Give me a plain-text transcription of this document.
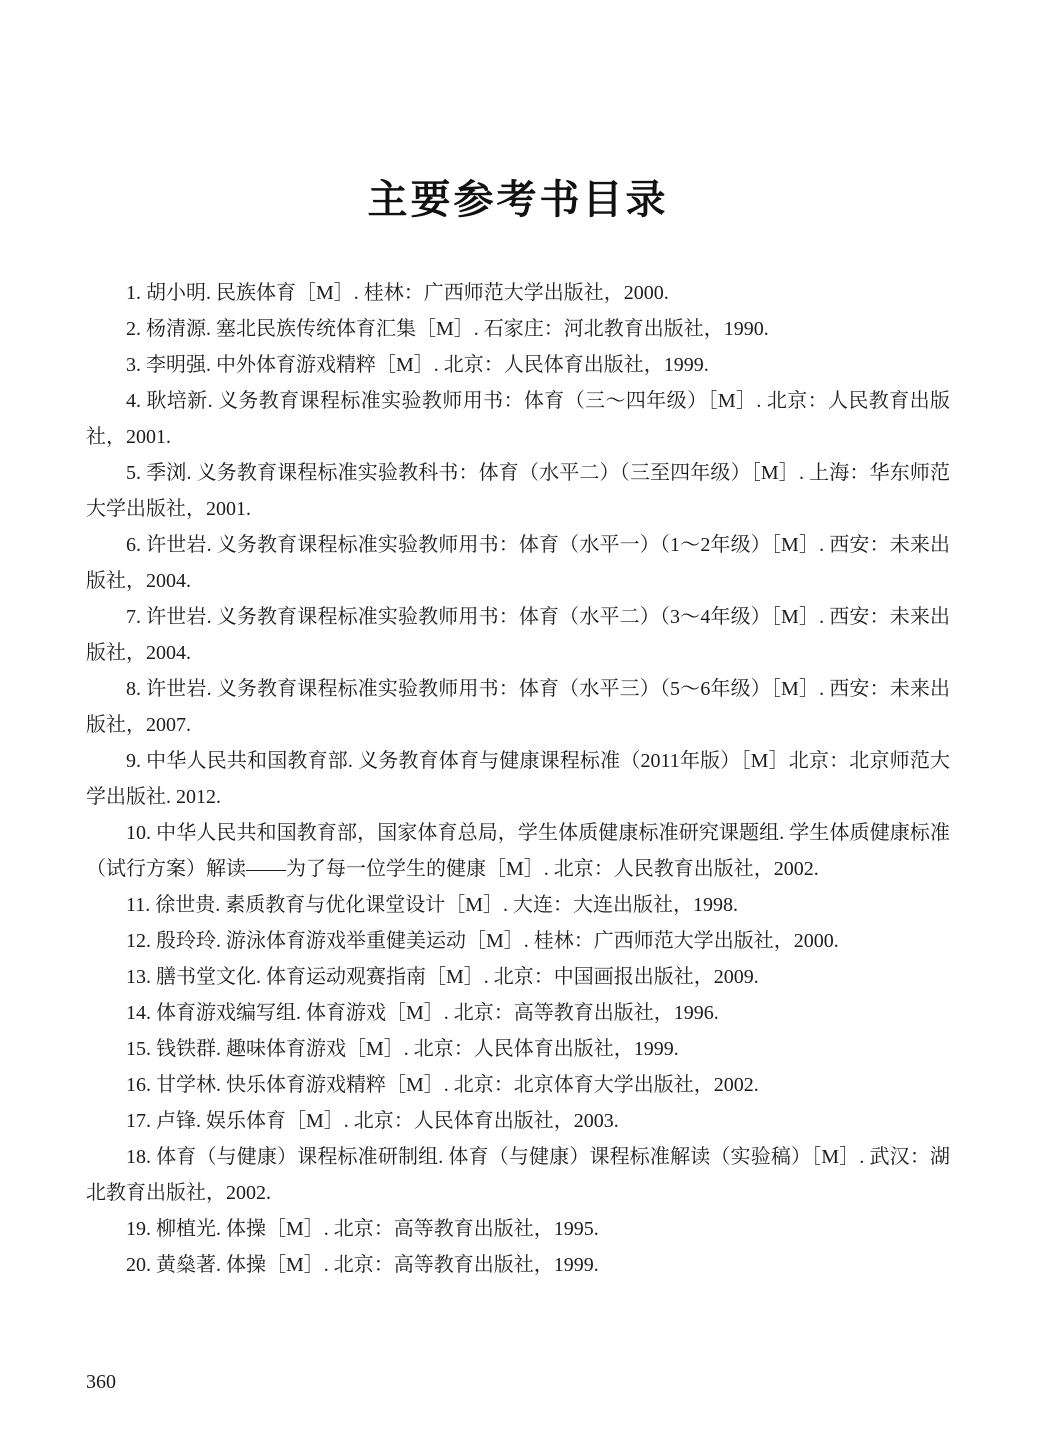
主要参考书目录

1. 胡小明. 民族体育［M］. 桂林：广西师范大学出版社，2000.

2. 杨清源. 塞北民族传统体育汇集［M］. 石家庄：河北教育出版社，1990.

3. 李明强. 中外体育游戏精粹［M］. 北京：人民体育出版社，1999.

4. 耿培新. 义务教育课程标准实验教师用书：体育（三～四年级）［M］. 北京：人民教育出版社，2001.

5. 季浏. 义务教育课程标准实验教科书：体育（水平二）（三至四年级）［M］. 上海：华东师范大学出版社，2001.

6. 许世岩. 义务教育课程标准实验教师用书：体育（水平一）（1～2年级）［M］. 西安：未来出版社，2004.

7. 许世岩. 义务教育课程标准实验教师用书：体育（水平二）（3～4年级）［M］. 西安：未来出版社，2004.

8. 许世岩. 义务教育课程标准实验教师用书：体育（水平三）（5～6年级）［M］. 西安：未来出版社，2007.

9. 中华人民共和国教育部. 义务教育体育与健康课程标准（2011年版）［M］北京：北京师范大学出版社. 2012.

10. 中华人民共和国教育部，国家体育总局，学生体质健康标准研究课题组. 学生体质健康标准（试行方案）解读——为了每一位学生的健康［M］. 北京：人民教育出版社，2002.

11. 徐世贵. 素质教育与优化课堂设计［M］. 大连：大连出版社，1998.

12. 殷玲玲. 游泳体育游戏举重健美运动［M］. 桂林：广西师范大学出版社，2000.

13. 膳书堂文化. 体育运动观赛指南［M］. 北京：中国画报出版社，2009.

14. 体育游戏编写组. 体育游戏［M］. 北京：高等教育出版社，1996.

15. 钱铁群. 趣味体育游戏［M］. 北京：人民体育出版社，1999.

16. 甘学林. 快乐体育游戏精粹［M］. 北京：北京体育大学出版社，2002.

17. 卢锋. 娱乐体育［M］. 北京：人民体育出版社，2003.

18. 体育（与健康）课程标准研制组. 体育（与健康）课程标准解读（实验稿）［M］. 武汉：湖北教育出版社，2002.

19. 柳植光. 体操［M］. 北京：高等教育出版社，1995.

20. 黄燊著. 体操［M］. 北京：高等教育出版社，1999.

360
